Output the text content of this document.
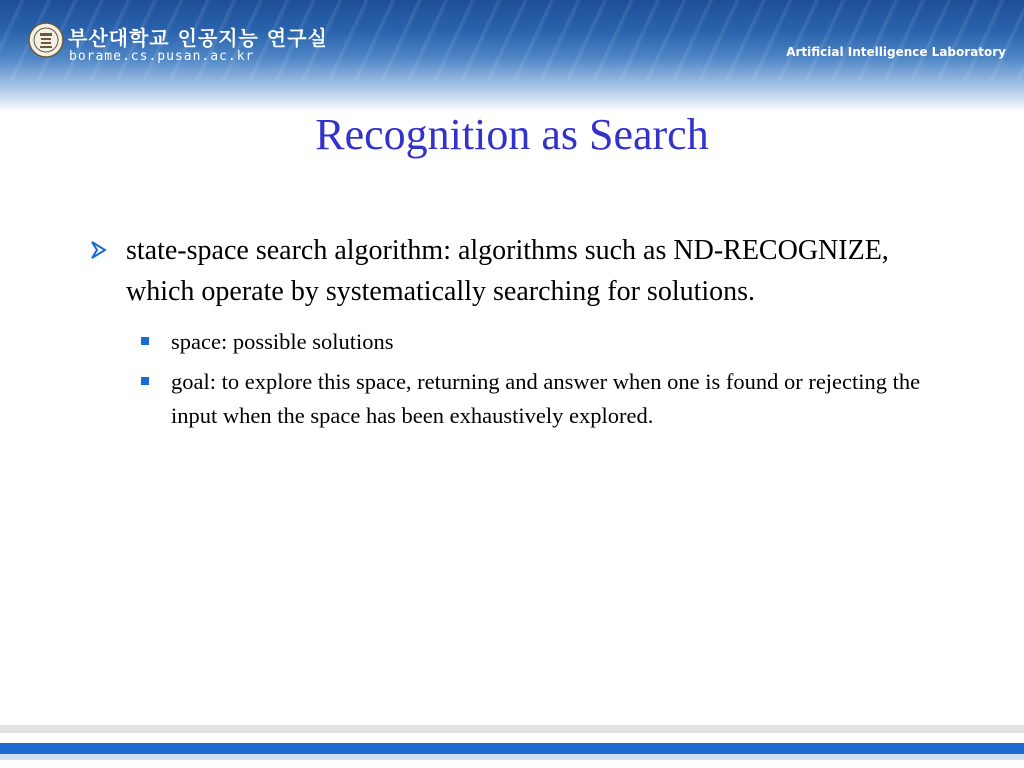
부산대학교 인공지능 연구실
borame.cs.pusan.ac.kr	Artificial Intelligence Laboratory
Recognition as Search
state-space search algorithm: algorithms such as ND-RECOGNIZE, which operate by systematically searching for solutions.
space: possible solutions
goal: to explore this space, returning and answer when one is found or rejecting the input when the space has been exhaustively explored.
